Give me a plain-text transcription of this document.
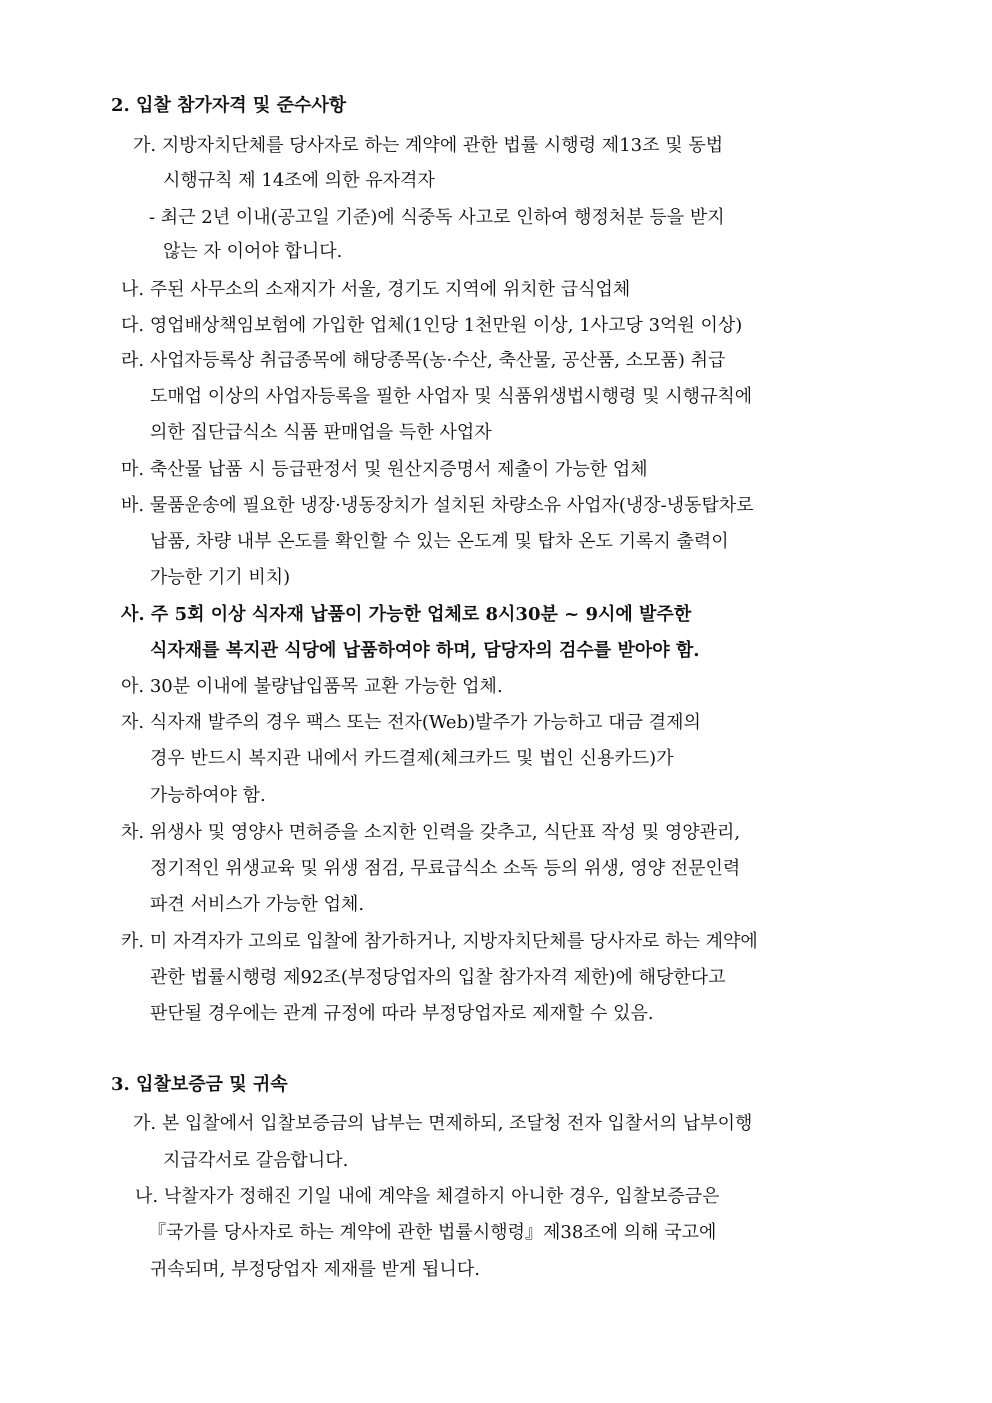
2. 입찰 참가자격 및 준수사항
가. 지방자치단체를 당사자로 하는 계약에 관한 법률 시행령 제13조 및 동법
시행규칙 제 14조에 의한 유자격자
- 최근 2년 이내(공고일 기준)에 식중독 사고로 인하여 행정처분 등을 받지
않는 자 이어야 합니다.
나. 주된 사무소의 소재지가 서울, 경기도 지역에 위치한 급식업체
다. 영업배상책임보험에 가입한 업체(1인당 1천만원 이상, 1사고당 3억원 이상)
라. 사업자등록상 취급종목에 해당종목(농·수산, 축산물, 공산품, 소모품) 취급
도매업 이상의 사업자등록을 필한 사업자 및 식품위생법시행령 및 시행규칙에
의한 집단급식소 식품 판매업을 득한 사업자
마. 축산물 납품 시 등급판정서 및 원산지증명서 제출이 가능한 업체
바. 물품운송에 필요한 냉장·냉동장치가 설치된 차량소유 사업자(냉장-냉동탑차로
납품, 차량 내부 온도를 확인할 수 있는 온도계 및 탑차 온도 기록지 출력이
가능한 기기 비치)
사. 주 5회 이상 식자재 납품이 가능한 업체로 8시30분 ~ 9시에 발주한
식자재를 복지관 식당에 납품하여야 하며, 담당자의 검수를 받아야 함.
아. 30분 이내에 불량납입품목 교환 가능한 업체.
자. 식자재 발주의 경우 팩스 또는 전자(Web)발주가 가능하고 대금 결제의
경우 반드시 복지관 내에서 카드결제(체크카드 및 법인 신용카드)가
가능하여야 함.
차. 위생사 및 영양사 면허증을 소지한 인력을 갖추고, 식단표 작성 및 영양관리,
정기적인 위생교육 및 위생 점검, 무료급식소 소독 등의 위생, 영양 전문인력
파견 서비스가 가능한 업체.
카. 미 자격자가 고의로 입찰에 참가하거나, 지방자치단체를 당사자로 하는 계약에
관한 법률시행령 제92조(부정당업자의 입찰 참가자격 제한)에 해당한다고
판단될 경우에는 관계 규정에 따라 부정당업자로 제재할 수 있음.
3. 입찰보증금 및 귀속
가. 본 입찰에서 입찰보증금의 납부는 면제하되, 조달청 전자 입찰서의 납부이행
지급각서로 갈음합니다.
나. 낙찰자가 정해진 기일 내에 계약을 체결하지 아니한 경우, 입찰보증금은
『국가를 당사자로 하는 계약에 관한 법률시행령』제38조에 의해 국고에
귀속되며, 부정당업자 제재를 받게 됩니다.
